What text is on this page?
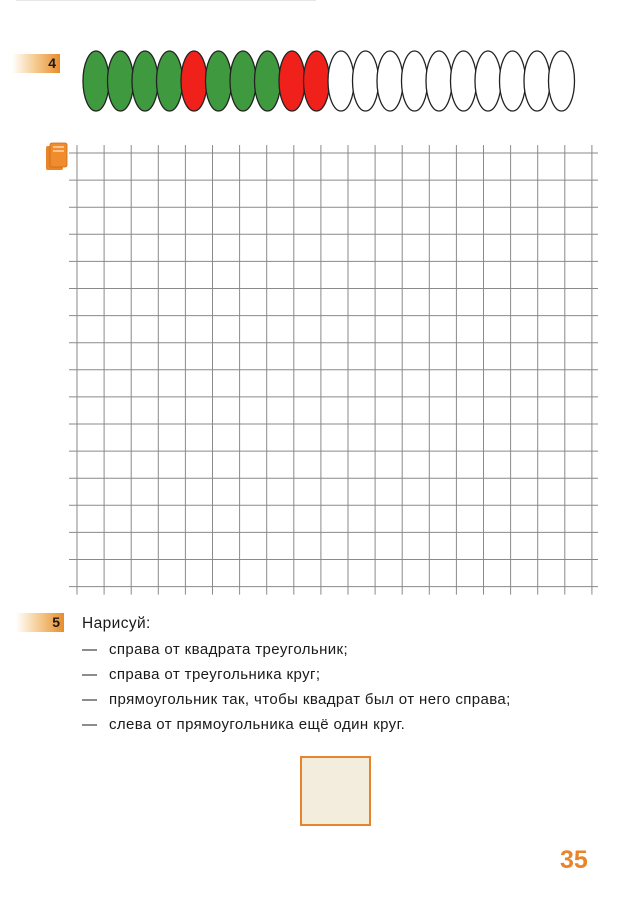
4
5 Нарисуй:
— справа от квадрата треугольник;
— справа от треугольника круг;
— прямоугольник так, чтобы квадрат был от него справа;
— слева от прямоугольника ещё один круг.
35
